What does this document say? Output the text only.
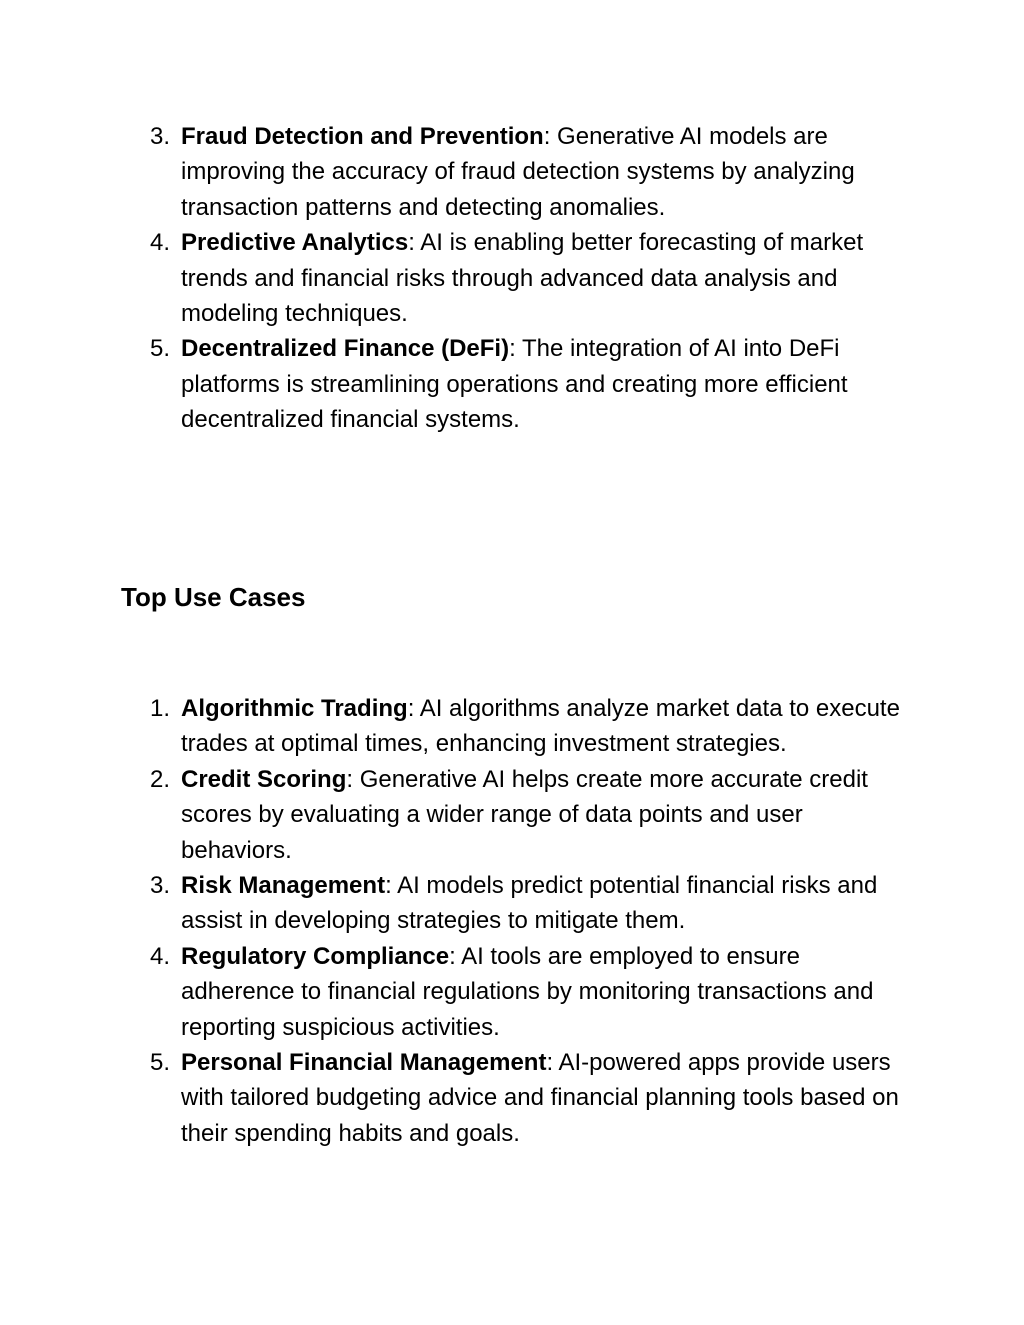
3. Fraud Detection and Prevention: Generative AI models are improving the accuracy of fraud detection systems by analyzing transaction patterns and detecting anomalies.
4. Predictive Analytics: AI is enabling better forecasting of market trends and financial risks through advanced data analysis and modeling techniques.
5. Decentralized Finance (DeFi): The integration of AI into DeFi platforms is streamlining operations and creating more efficient decentralized financial systems.
Top Use Cases
1. Algorithmic Trading: AI algorithms analyze market data to execute trades at optimal times, enhancing investment strategies.
2. Credit Scoring: Generative AI helps create more accurate credit scores by evaluating a wider range of data points and user behaviors.
3. Risk Management: AI models predict potential financial risks and assist in developing strategies to mitigate them.
4. Regulatory Compliance: AI tools are employed to ensure adherence to financial regulations by monitoring transactions and reporting suspicious activities.
5. Personal Financial Management: AI-powered apps provide users with tailored budgeting advice and financial planning tools based on their spending habits and goals.
